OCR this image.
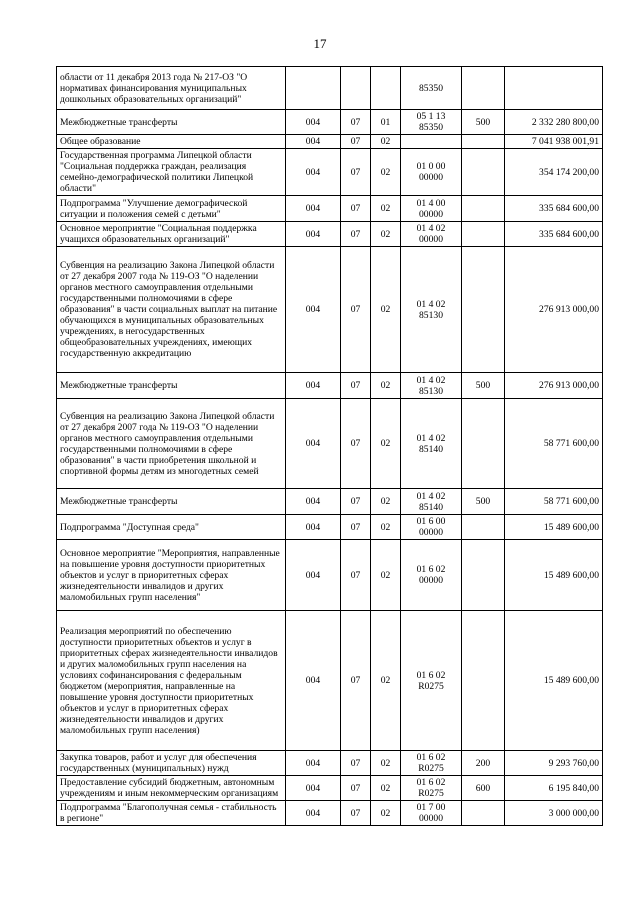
17
области от 11 декабря 2013 года № 217-ОЗ "О нормативах финансирования муниципальных дошкольных образовательных организаций"				85350		
Межбюджетные трансферты	004	07	01	05 1 13 85350	500	2 332 280 800,00
Общее образование	004	07	02			7 041 938 001,91
Государственная программа Липецкой области "Социальная поддержка граждан, реализация семейно-демографической политики Липецкой области"	004	07	02	01 0 00 00000		354 174 200,00
Подпрограмма "Улучшение демографической ситуации и положения семей с детьми"	004	07	02	01 4 00 00000		335 684 600,00
Основное мероприятие "Социальная поддержка учащихся образовательных организаций"	004	07	02	01 4 02 00000		335 684 600,00
Субвенция на реализацию Закона Липецкой области от 27 декабря 2007 года № 119-ОЗ "О наделении органов местного самоуправления отдельными государственными полномочиями в сфере образования" в части социальных выплат на питание обучающихся в муниципальных образовательных учреждениях, в негосударственных общеобразовательных учреждениях, имеющих государственную аккредитацию	004	07	02	01 4 02 85130		276 913 000,00
Межбюджетные трансферты	004	07	02	01 4 02 85130	500	276 913 000,00
Субвенция на реализацию Закона Липецкой области от 27 декабря 2007 года № 119-ОЗ "О наделении органов местного самоуправления отдельными государственными полномочиями в сфере образования" в части приобретения школьной и спортивной формы детям из многодетных семей	004	07	02	01 4 02 85140		58 771 600,00
Межбюджетные трансферты	004	07	02	01 4 02 85140	500	58 771 600,00
Подпрограмма "Доступная среда"	004	07	02	01 6 00 00000		15 489 600,00
Основное мероприятие "Мероприятия, направленные на повышение уровня доступности приоритетных объектов и услуг в приоритетных сферах жизнедеятельности инвалидов и других маломобильных групп населения"	004	07	02	01 6 02 00000		15 489 600,00
Реализация мероприятий по обеспечению доступности приоритетных объектов и услуг в приоритетных сферах жизнедеятельности инвалидов и других маломобильных групп населения на условиях софинансирования с федеральным бюджетом (мероприятия, направленные на повышение уровня доступности приоритетных объектов и услуг в приоритетных сферах жизнедеятельности инвалидов и других маломобильных групп населения)	004	07	02	01 6 02 R0275		15 489 600,00
Закупка товаров, работ и услуг для обеспечения государственных (муниципальных) нужд	004	07	02	01 6 02 R0275	200	9 293 760,00
Предоставление субсидий бюджетным, автономным учреждениям и иным некоммерческим организациям	004	07	02	01 6 02 R0275	600	6 195 840,00
Подпрограмма "Благополучная семья - стабильность в регионе"	004	07	02	01 7 00 00000		3 000 000,00
